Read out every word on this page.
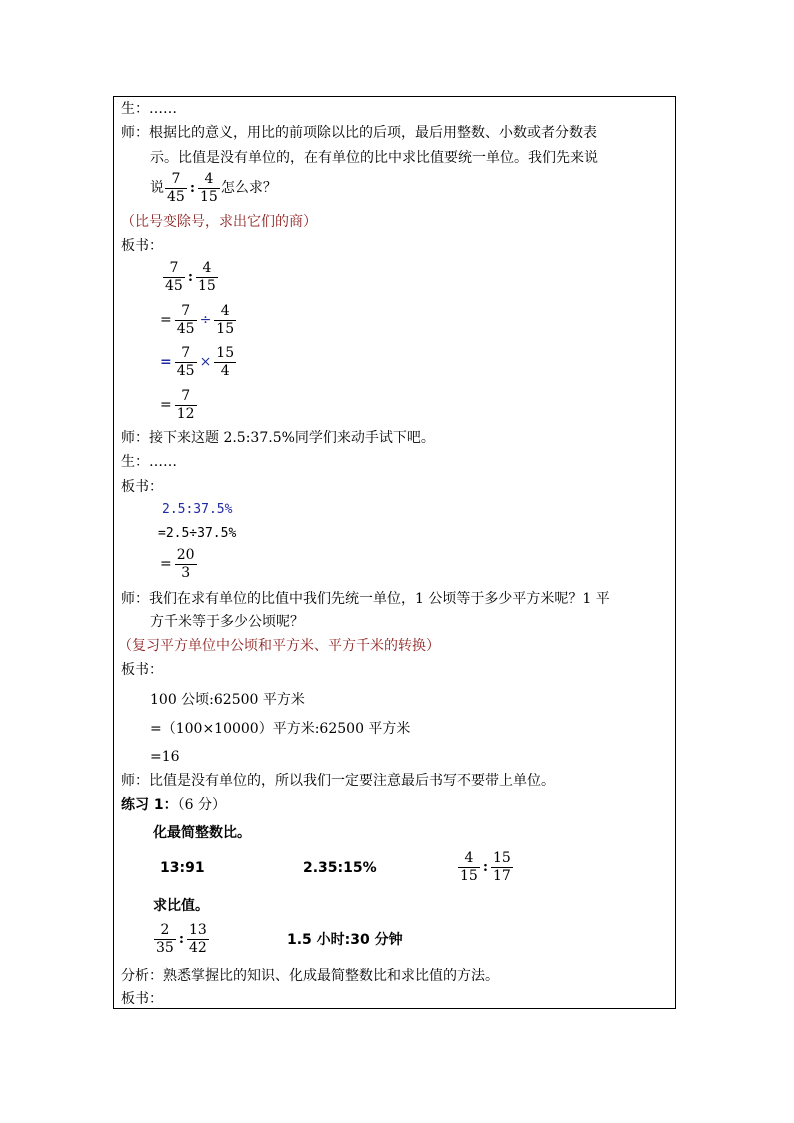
生：……
师：根据比的意义，用比的前项除以比的后项，最后用整数、小数或者分数表
示。比值是没有单位的，在有单位的比中求比值要统一单位。我们先来说
说 $\frac{7}{45}$ : $\frac{4}{15}$ 怎么求？
（比号变除号，求出它们的商）
板书：
$\frac{7}{45}$ : $\frac{4}{15}$
= $\frac{7}{45} \div \frac{4}{15}$
= $\frac{7}{45} \times \frac{15}{4}$
= $\frac{7}{12}$
师：接下来这题 2.5:37.5%同学们来动手试下吧。
生：……
板书：
2.5:37.5%
=2.5÷37.5%
= $\frac{20}{3}$
师：我们在求有单位的比值中我们先统一单位，1 公顷等于多少平方米呢？1 平
方千米等于多少公顷呢？
（复习平方单位中公顷和平方米、平方千米的转换）
板书：
100 公顷:62500 平方米
=（100×10000）平方米:62500 平方米
=16
师：比值是没有单位的，所以我们一定要注意最后书写不要带上单位。
练习 1：（6 分）
化最简整数比。
13:91	2.35:15%	$\frac{4}{15}$ : $\frac{15}{17}$
求比值。
$\frac{2}{35}$ : $\frac{13}{42}$	1.5 小时:30 分钟
分析：熟悉掌握比的知识、化成最简整数比和求比值的方法。
板书：
